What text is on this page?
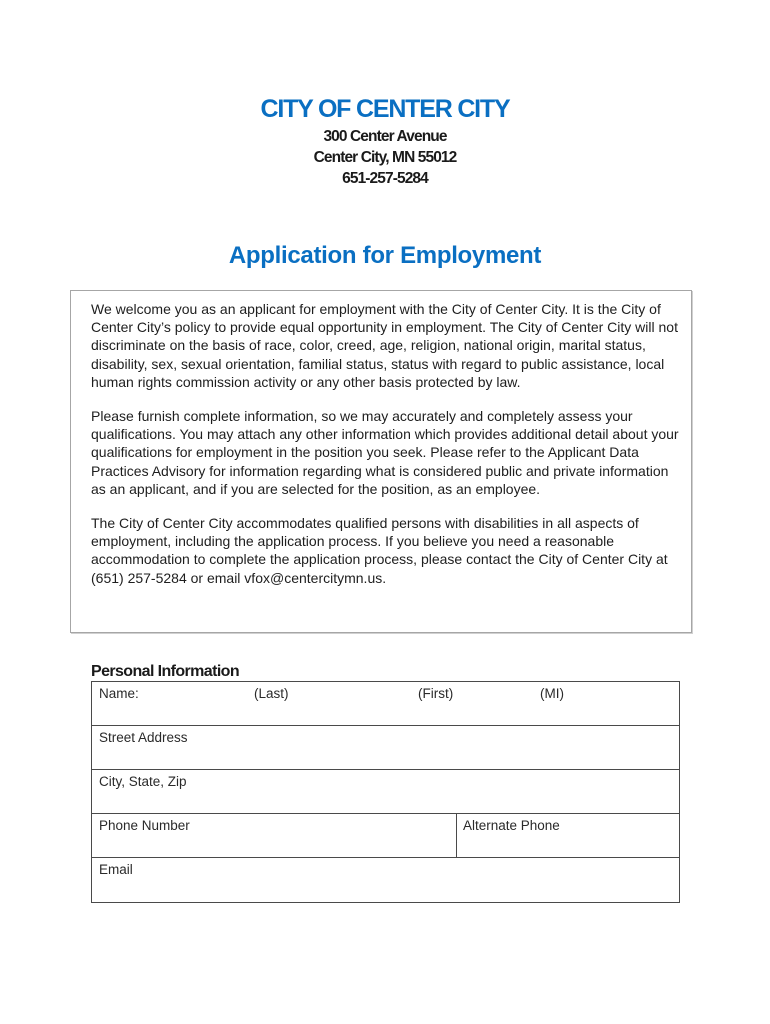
CITY OF CENTER CITY

300 Center Avenue

Center City, MN 55012

651-257-5284

Application for Employment

We welcome you as an applicant for employment with the City of Center City. It is the City of Center City’s policy to provide equal opportunity in employment. The City of Center City will not discriminate on the basis of race, color, creed, age, religion, national origin, marital status, disability, sex, sexual orientation, familial status, status with regard to public assistance, local human rights commission activity or any other basis protected by law.

Please furnish complete information, so we may accurately and completely assess your qualifications. You may attach any other information which provides additional detail about your qualifications for employment in the position you seek. Please refer to the Applicant Data Practices Advisory for information regarding what is considered public and private information as an applicant, and if you are selected for the position, as an employee.

The City of Center City accommodates qualified persons with disabilities in all aspects of employment, including the application process. If you believe you need a reasonable accommodation to complete the application process, please contact the City of Center City at (651) 257-5284 or email vfox@centercitymn.us.

Personal Information
Name:	(Last)	(First)	(MI)
Street Address
City, State, Zip
Phone Number	Alternate Phone
Email
